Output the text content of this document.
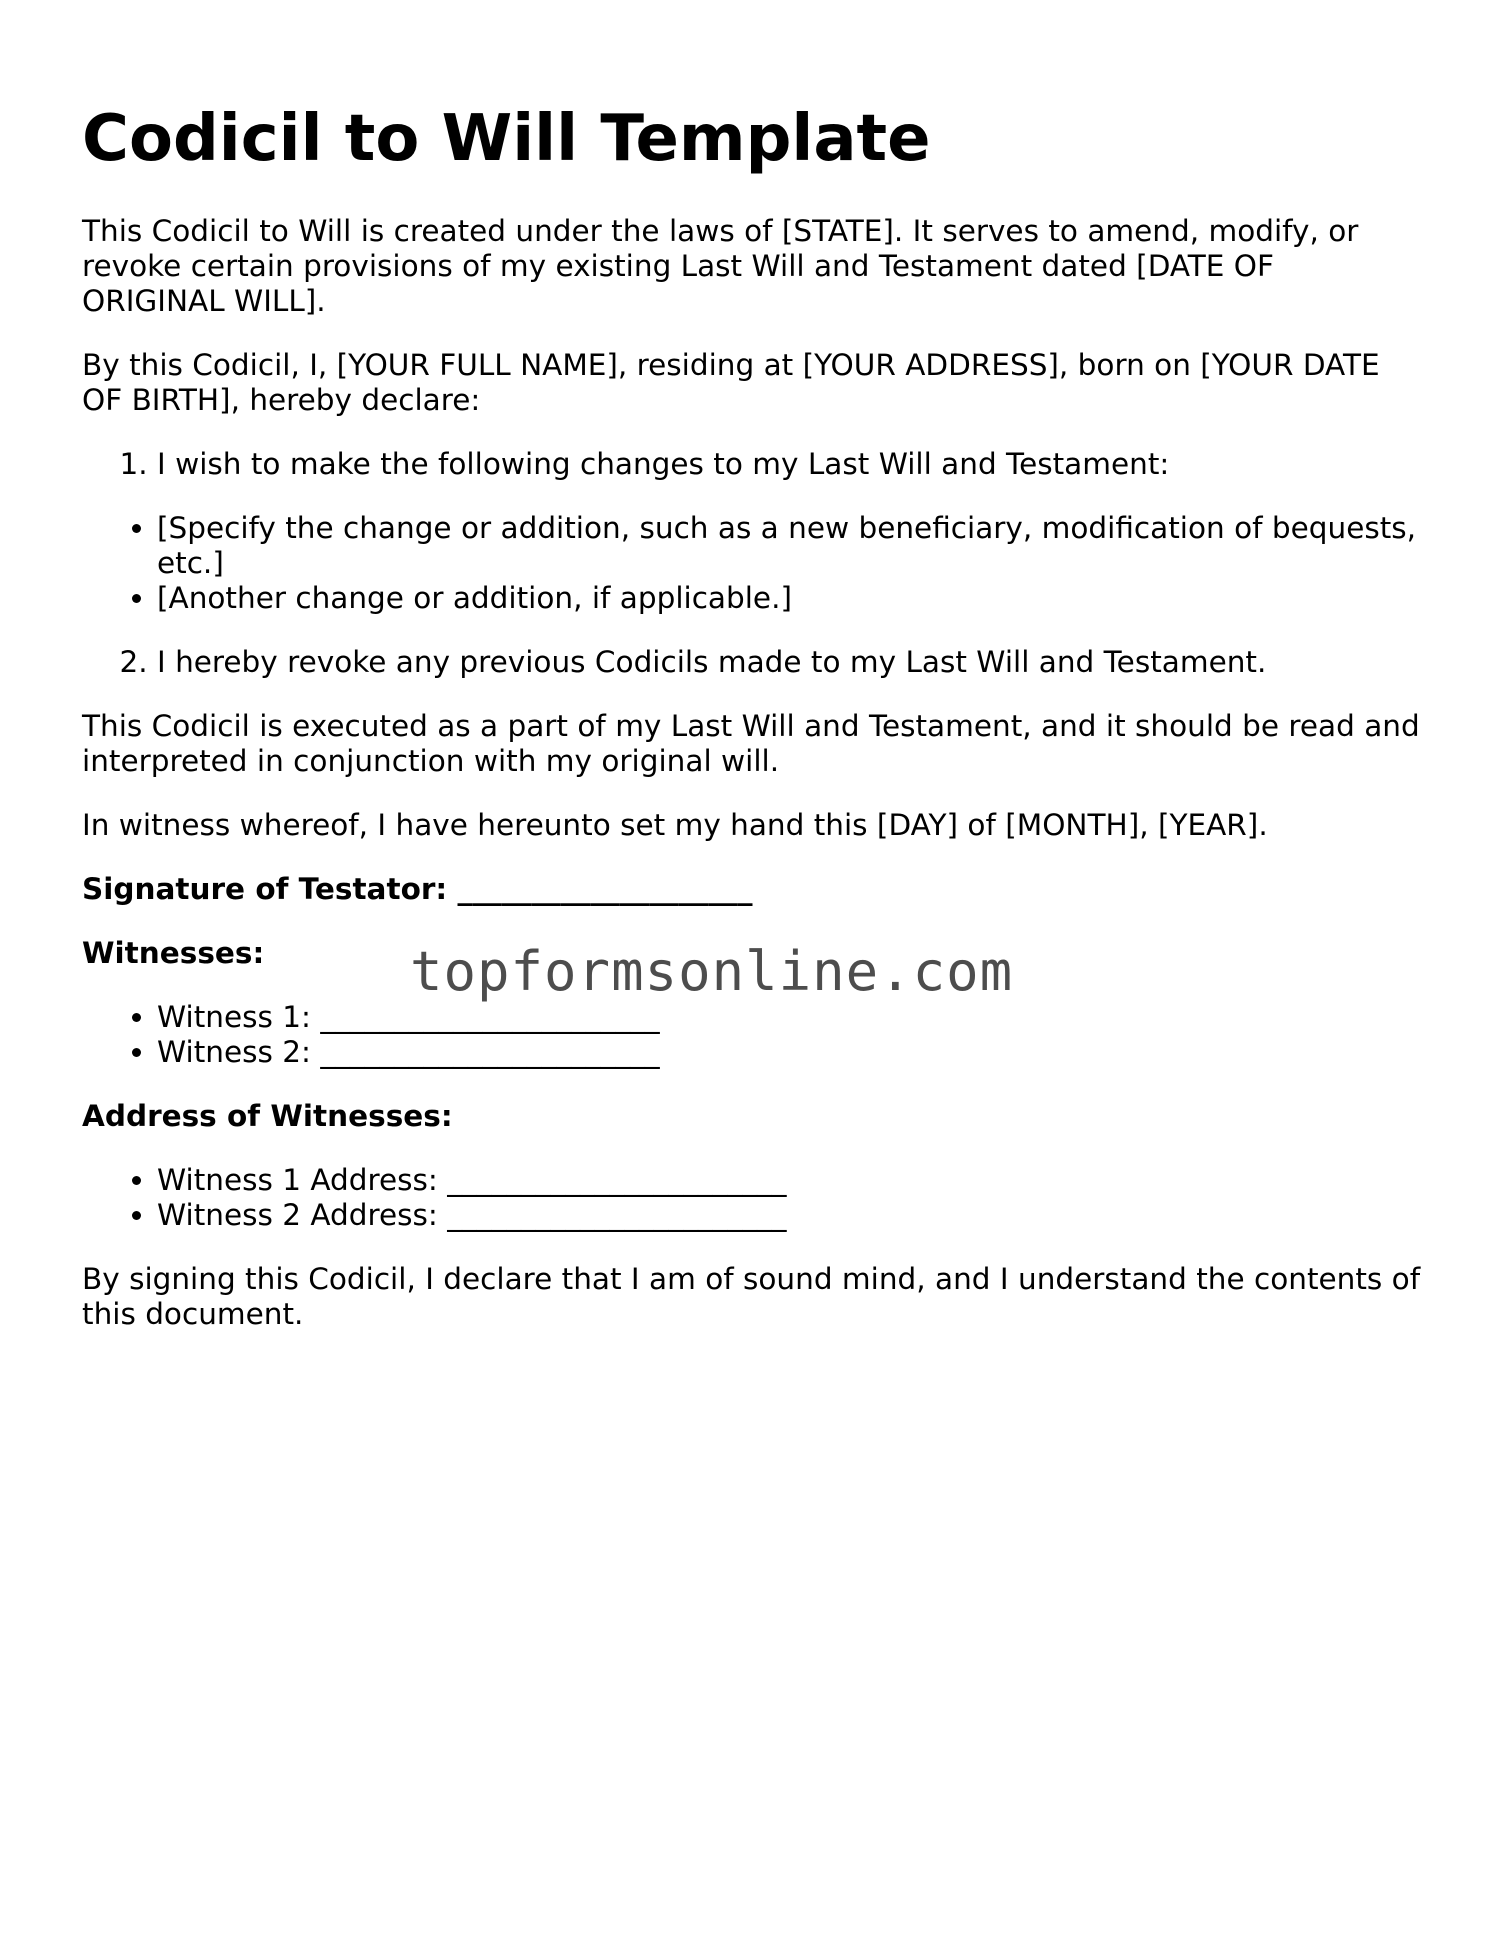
Codicil to Will Template

This Codicil to Will is created under the laws of [STATE]. It serves to amend, modify, or revoke certain provisions of my existing Last Will and Testament dated [DATE OF ORIGINAL WILL].

By this Codicil, I, [YOUR FULL NAME], residing at [YOUR ADDRESS], born on [YOUR DATE OF BIRTH], hereby declare:

1. I wish to make the following changes to my Last Will and Testament:
• [Specify the change or addition, such as a new beneficiary, modification of bequests, etc.]
• [Another change or addition, if applicable.]
2. I hereby revoke any previous Codicils made to my Last Will and Testament.

This Codicil is executed as a part of my Last Will and Testament, and it should be read and interpreted in conjunction with my original will.

In witness whereof, I have hereunto set my hand this [DAY] of [MONTH], [YEAR].

Signature of Testator: ____________________

Witnesses:

• Witness 1: _______________________
• Witness 2: _______________________

Address of Witnesses:

• Witness 1 Address: _______________________
• Witness 2 Address: _______________________

By signing this Codicil, I declare that I am of sound mind, and I understand the contents of this document.

topformsonline.com
